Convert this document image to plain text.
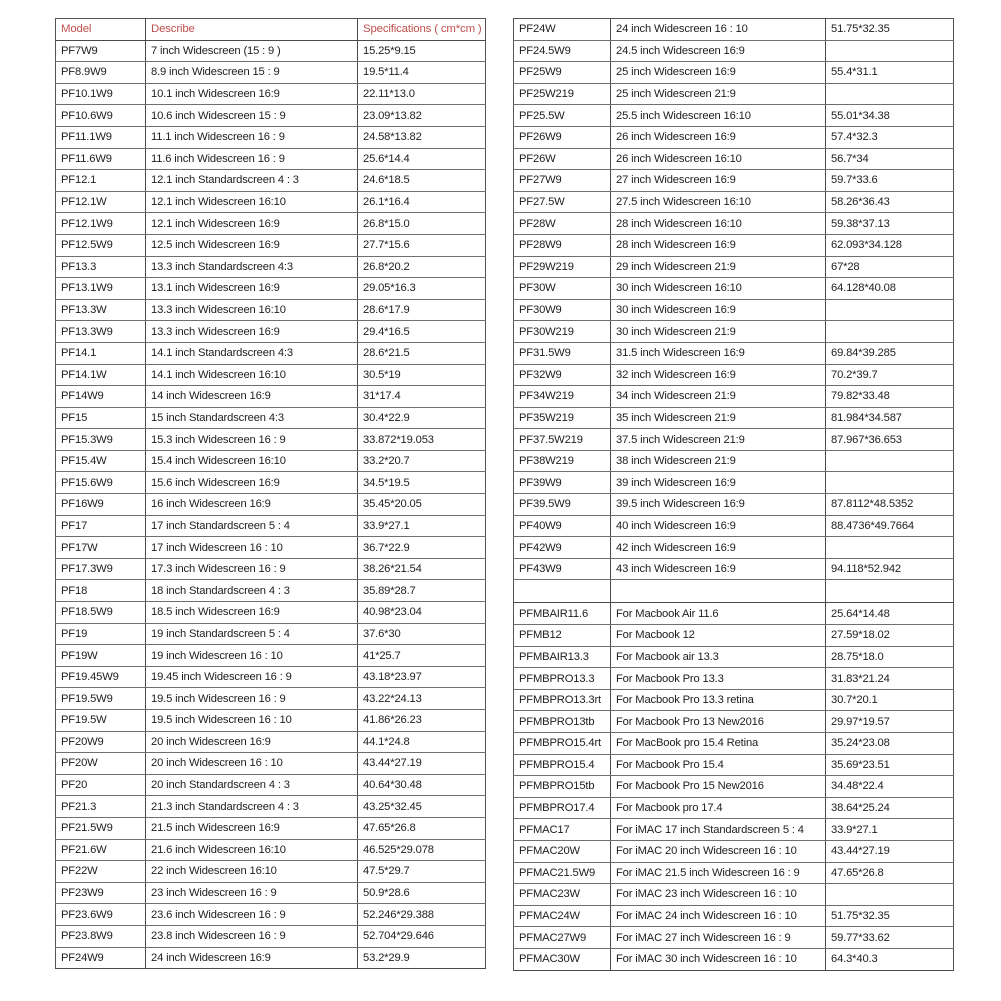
Model	Describe	Specifications ( cm*cm )
PF7W9	7 inch Widescreen (15 : 9 )	15.25*9.15
PF8.9W9	8.9 inch Widescreen 15 : 9	19.5*11.4
PF10.1W9	10.1 inch Widescreen 16:9	22.11*13.0
PF10.6W9	10.6 inch Widescreen 15 : 9	23.09*13.82
PF11.1W9	11.1 inch Widescreen 16 : 9	24.58*13.82
PF11.6W9	11.6 inch Widescreen 16 : 9	25.6*14.4
PF12.1	12.1 inch Standardscreen 4 : 3	24.6*18.5
PF12.1W	12.1 inch Widescreen 16:10	26.1*16.4
PF12.1W9	12.1 inch Widescreen 16:9	26.8*15.0
PF12.5W9	12.5 inch Widescreen 16:9	27.7*15.6
PF13.3	13.3 inch Standardscreen 4:3	26.8*20.2
PF13.1W9	13.1 inch Widescreen 16:9	29.05*16.3
PF13.3W	13.3 inch Widescreen 16:10	28.6*17.9
PF13.3W9	13.3 inch Widescreen 16:9	29.4*16.5
PF14.1	14.1 inch Standardscreen 4:3	28.6*21.5
PF14.1W	14.1 inch Widescreen 16:10	30.5*19
PF14W9	14 inch Widescreen 16:9	31*17.4
PF15	15 inch Standardscreen 4:3	30.4*22.9
PF15.3W9	15.3 inch Widescreen 16 : 9	33.872*19.053
PF15.4W	15.4 inch Widescreen 16:10	33.2*20.7
PF15.6W9	15.6 inch Widescreen 16:9	34.5*19.5
PF16W9	16 inch Widescreen 16:9	35.45*20.05
PF17	17 inch Standardscreen 5 : 4	33.9*27.1
PF17W	17 inch Widescreen 16 : 10	36.7*22.9
PF17.3W9	17.3 inch Widescreen 16 : 9	38.26*21.54
PF18	18 inch Standardscreen 4 : 3	35.89*28.7
PF18.5W9	18.5 inch Widescreen 16:9	40.98*23.04
PF19	19 inch Standardscreen 5 : 4	37.6*30
PF19W	19 inch Widescreen 16 : 10	41*25.7
PF19.45W9	19.45 inch Widescreen 16 : 9	43.18*23.97
PF19.5W9	19.5 inch Widescreen 16 : 9	43.22*24.13
PF19.5W	19.5 inch Widescreen 16 : 10	41.86*26.23
PF20W9	20 inch Widescreen 16:9	44.1*24.8
PF20W	20 inch Widescreen 16 : 10	43.44*27.19
PF20	20 inch Standardscreen 4 : 3	40.64*30.48
PF21.3	21.3 inch Standardscreen 4 : 3	43.25*32.45
PF21.5W9	21.5 inch Widescreen 16:9	47.65*26.8
PF21.6W	21.6 inch Widescreen 16:10	46.525*29.078
PF22W	22 inch Widescreen 16:10	47.5*29.7
PF23W9	23 inch Widescreen 16 : 9	50.9*28.6
PF23.6W9	23.6 inch Widescreen 16 : 9	52.246*29.388
PF23.8W9	23.8 inch Widescreen 16 : 9	52.704*29.646
PF24W9	24 inch Widescreen 16:9	53.2*29.9
PF24W	24 inch Widescreen 16 : 10	51.75*32.35
PF24.5W9	24.5 inch Widescreen 16:9	
PF25W9	25 inch Widescreen 16:9	55.4*31.1
PF25W219	25 inch Widescreen 21:9	
PF25.5W	25.5 inch Widescreen 16:10	55.01*34.38
PF26W9	26 inch Widescreen 16:9	57.4*32.3
PF26W	26 inch Widescreen 16:10	56.7*34
PF27W9	27 inch Widescreen 16:9	59.7*33.6
PF27.5W	27.5 inch Widescreen 16:10	58.26*36.43
PF28W	28 inch Widescreen 16:10	59.38*37.13
PF28W9	28 inch Widescreen 16:9	62.093*34.128
PF29W219	29 inch Widescreen 21:9	67*28
PF30W	30 inch Widescreen 16:10	64.128*40.08
PF30W9	30 inch Widescreen 16:9	
PF30W219	30 inch Widescreen 21:9	
PF31.5W9	31.5 inch Widescreen 16:9	69.84*39.285
PF32W9	32 inch Widescreen 16:9	70.2*39.7
PF34W219	34 inch Widescreen 21:9	79.82*33.48
PF35W219	35 inch Widescreen 21:9	81.984*34.587
PF37.5W219	37.5 inch Widescreen 21:9	87.967*36.653
PF38W219	38 inch Widescreen 21:9	
PF39W9	39 inch Widescreen 16:9	
PF39.5W9	39.5 inch Widescreen 16:9	87.8112*48.5352
PF40W9	40 inch Widescreen 16:9	88.4736*49.7664
PF42W9	42 inch Widescreen 16:9	
PF43W9	43 inch Widescreen 16:9	94.118*52.942

PFMBAIR11.6	For Macbook Air 11.6	25.64*14.48
PFMB12	For Macbook 12	27.59*18.02
PFMBAIR13.3	For Macbook air 13.3	28.75*18.0
PFMBPRO13.3	For Macbook Pro 13.3	31.83*21.24
PFMBPRO13.3rt	For Macbook Pro 13.3 retina	30.7*20.1
PFMBPRO13tb	For Macbook Pro 13 New2016	29.97*19.57
PFMBPRO15.4rt	For MacBook pro 15.4 Retina	35.24*23.08
PFMBPRO15.4	For Macbook Pro 15.4	35.69*23.51
PFMBPRO15tb	For Macbook Pro 15 New2016	34.48*22.4
PFMBPRO17.4	For Macbook pro 17.4	38.64*25.24
PFMAC17	For iMAC 17 inch Standardscreen 5 : 4	33.9*27.1
PFMAC20W	For iMAC 20 inch Widescreen 16 : 10	43.44*27.19
PFMAC21.5W9	For iMAC 21.5 inch Widescreen 16 : 9	47.65*26.8
PFMAC23W	For iMAC 23 inch Widescreen 16 : 10	
PFMAC24W	For iMAC 24 inch Widescreen 16 : 10	51.75*32.35
PFMAC27W9	For iMAC 27 inch Widescreen 16 : 9	59.77*33.62
PFMAC30W	For iMAC 30 inch Widescreen 16 : 10	64.3*40.3
